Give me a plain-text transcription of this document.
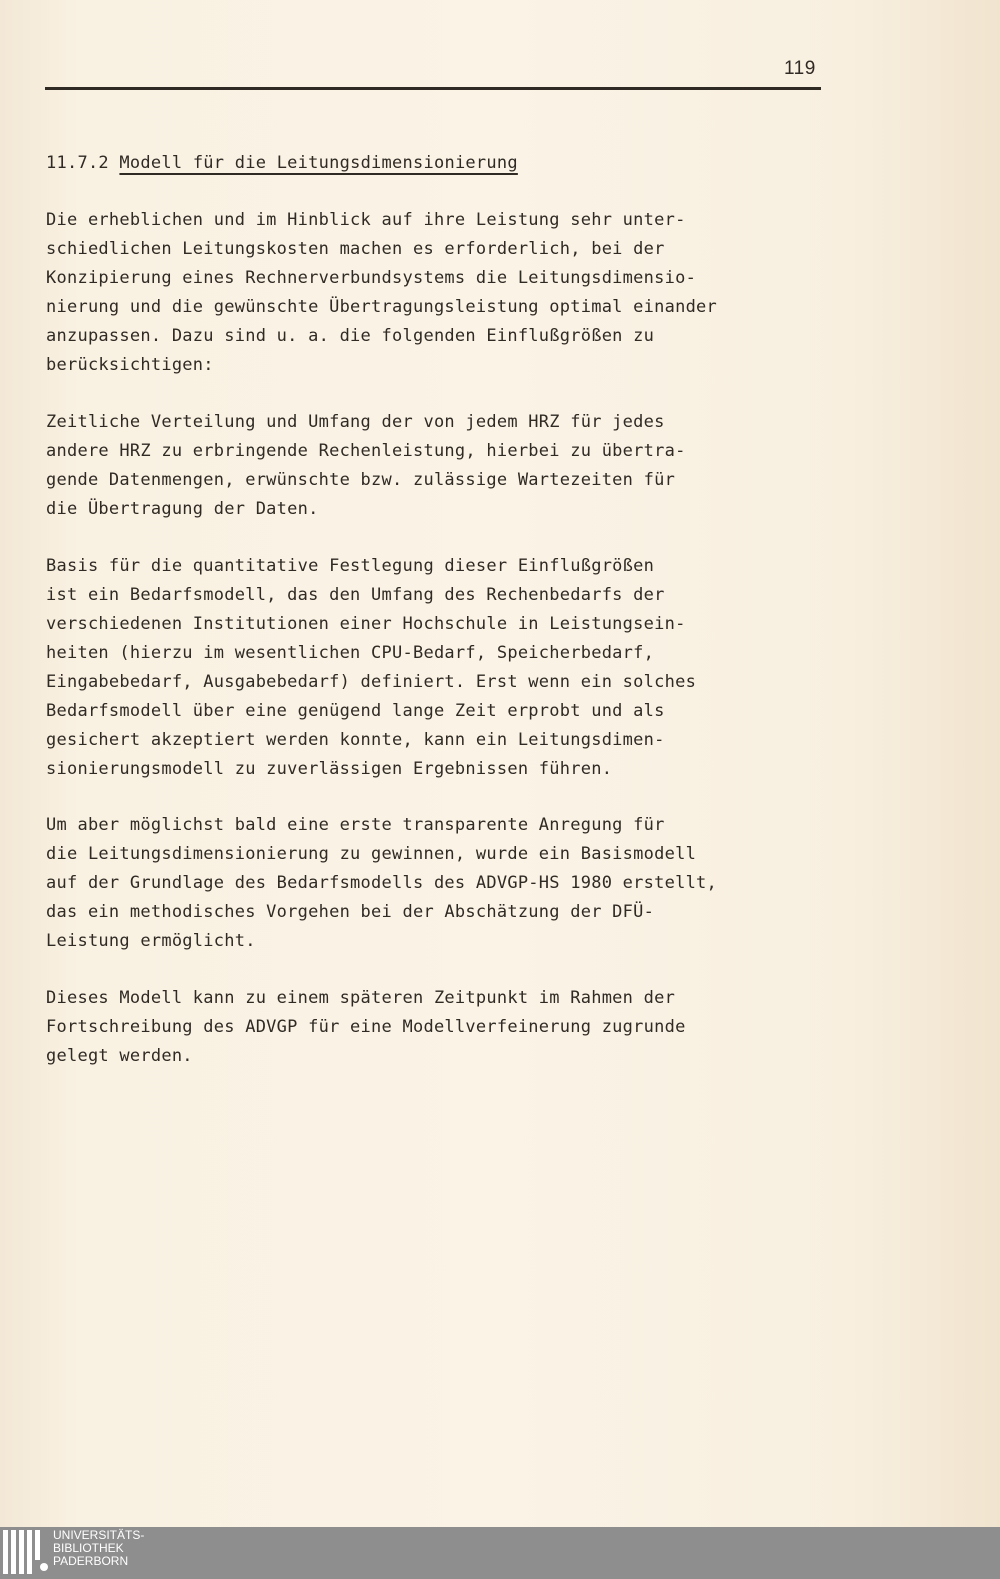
119
11.7.2 Modell für die Leitungsdimensionierung
Die erheblichen und im Hinblick auf ihre Leistung sehr unter-
schiedlichen Leitungskosten machen es erforderlich, bei der
Konzipierung eines Rechnerverbundsystems die Leitungsdimensio-
nierung und die gewünschte Übertragungsleistung optimal einander
anzupassen. Dazu sind u. a. die folgenden Einflußgrößen zu
berücksichtigen:
Zeitliche Verteilung und Umfang der von jedem HRZ für jedes
andere HRZ zu erbringende Rechenleistung, hierbei zu übertra-
gende Datenmengen, erwünschte bzw. zulässige Wartezeiten für
die Übertragung der Daten.
Basis für die quantitative Festlegung dieser Einflußgrößen
ist ein Bedarfsmodell, das den Umfang des Rechenbedarfs der
verschiedenen Institutionen einer Hochschule in Leistungsein-
heiten (hierzu im wesentlichen CPU-Bedarf, Speicherbedarf,
Eingabebedarf, Ausgabebedarf) definiert. Erst wenn ein solches
Bedarfsmodell über eine genügend lange Zeit erprobt und als
gesichert akzeptiert werden konnte, kann ein Leitungsdimen-
sionierungsmodell zu zuverlässigen Ergebnissen führen.
Um aber möglichst bald eine erste transparente Anregung für
die Leitungsdimensionierung zu gewinnen, wurde ein Basismodell
auf der Grundlage des Bedarfsmodells des ADVGP-HS 1980 erstellt,
das ein methodisches Vorgehen bei der Abschätzung der DFÜ-
Leistung ermöglicht.
Dieses Modell kann zu einem späteren Zeitpunkt im Rahmen der
Fortschreibung des ADVGP für eine Modellverfeinerung zugrunde
gelegt werden.
UNIVERSITÄTS-
BIBLIOTHEK
PADERBORN
